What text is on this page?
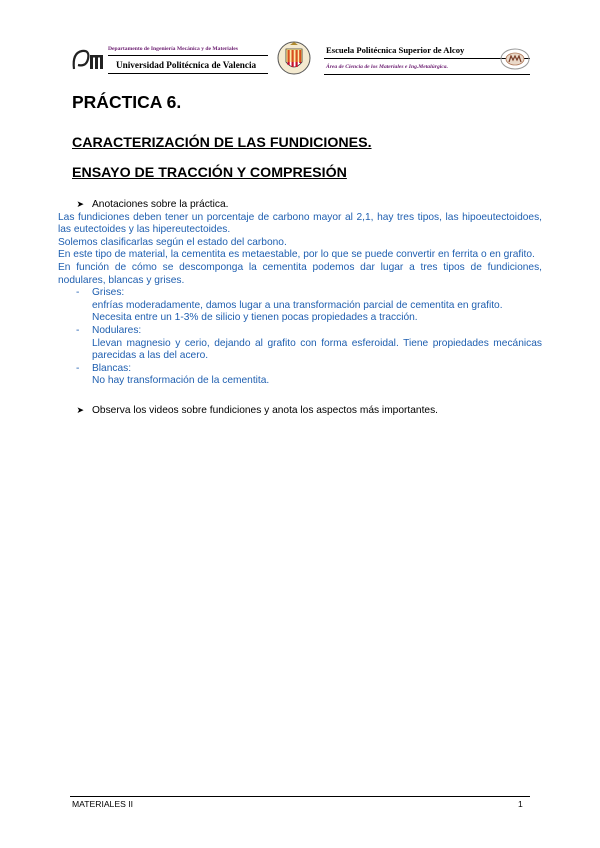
Departamento de Ingeniería Mecánica y de Materiales
Universidad Politécnica de Valencia
Escuela Politécnica Superior de Alcoy
Área de Ciencia de los Materiales e Ing.Metalúrgica.
PRÁCTICA 6.
CARACTERIZACIÓN DE LAS FUNDICIONES.
ENSAYO DE TRACCIÓN Y COMPRESIÓN
➤ Anotaciones sobre la práctica.

Las fundiciones deben tener un porcentaje de carbono mayor al 2,1, hay tres tipos, las hipoeutectoidoes, las eutectoides y las hipereutectoides.

Solemos clasificarlas según el estado del carbono.

En este tipo de material, la cementita es metaestable, por lo que se puede convertir en ferrita o en grafito.

En función de cómo se descomponga la cementita podemos dar lugar a tres tipos de fundiciones, nodulares, blancas y grises.

-	Grises:
enfrías moderadamente, damos lugar a una transformación parcial de cementita en grafito.
Necesita entre un 1-3% de silicio y tienen pocas propiedades a tracción.
-	Nodulares:
Llevan magnesio y cerio, dejando al grafito con forma esferoidal. Tiene propiedades mecánicas parecidas a las del acero.
-	Blancas:
No hay transformación de la cementita.
➤ Observa los videos sobre fundiciones y anota los aspectos más importantes.
MATERIALES II	1
